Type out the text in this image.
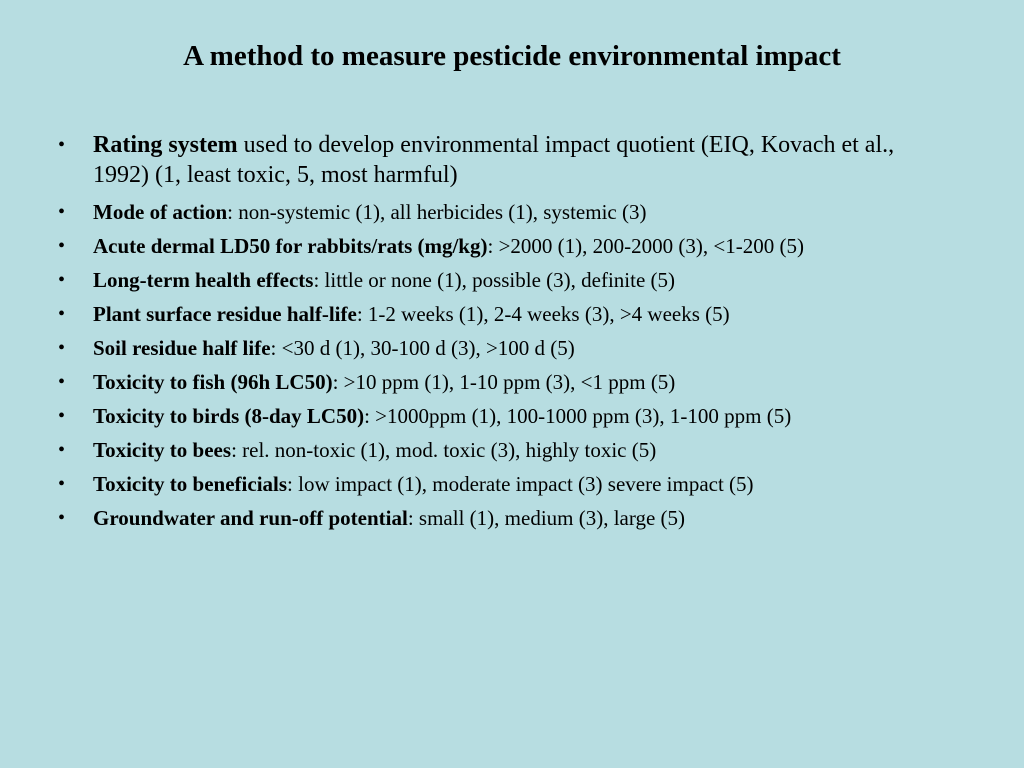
A method to measure pesticide environmental impact
• Rating system used to develop environmental impact quotient (EIQ, Kovach et al., 1992) (1, least toxic, 5, most harmful)
• Mode of action: non-systemic (1), all herbicides (1), systemic (3)
• Acute dermal LD50 for rabbits/rats (mg/kg): >2000 (1), 200-2000 (3), <1-200 (5)
• Long-term health effects: little or none (1), possible (3), definite (5)
• Plant surface residue half-life: 1-2 weeks (1), 2-4 weeks (3), >4 weeks (5)
• Soil residue half life: <30 d (1), 30-100 d (3), >100 d (5)
• Toxicity to fish (96h LC50): >10 ppm (1), 1-10 ppm (3), <1 ppm (5)
• Toxicity to birds (8-day LC50): >1000ppm (1), 100-1000 ppm (3), 1-100 ppm (5)
• Toxicity to bees: rel. non-toxic (1), mod. toxic (3), highly toxic (5)
• Toxicity to beneficials: low impact (1), moderate impact (3) severe impact (5)
• Groundwater and run-off potential: small (1), medium (3), large (5)
